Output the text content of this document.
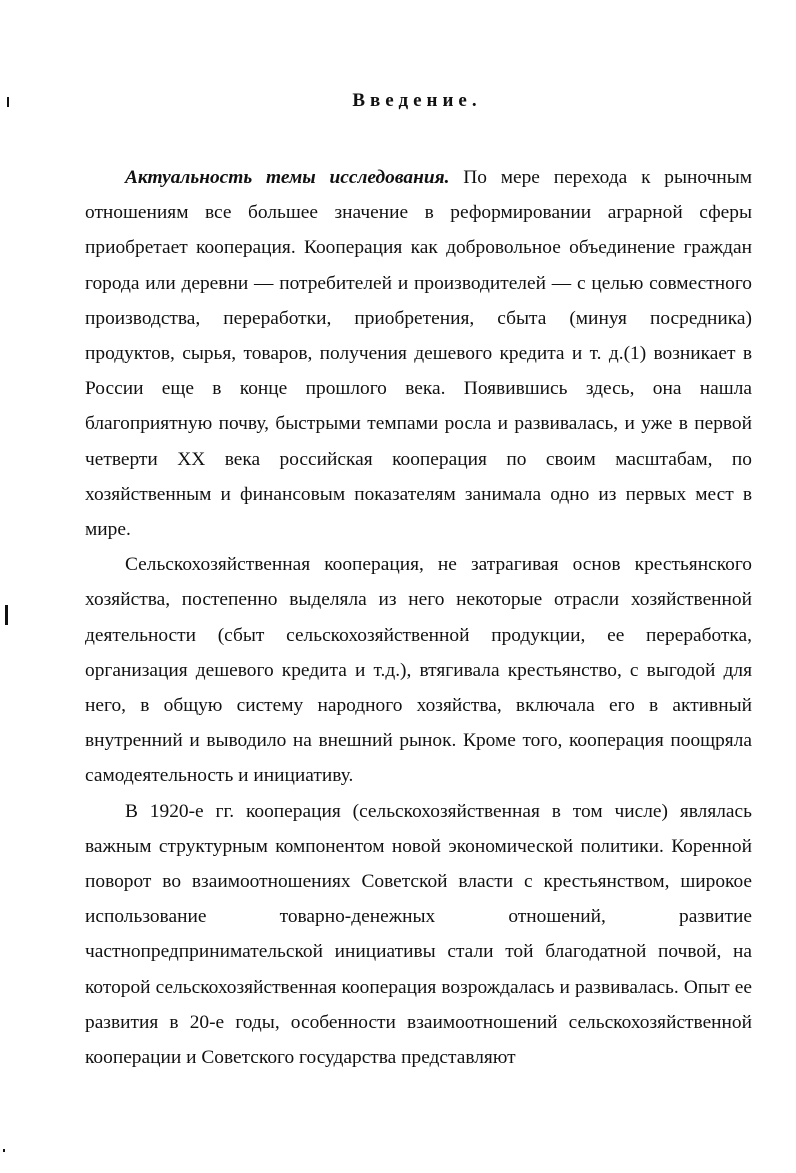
Введение.

Актуальность темы исследования. По мере перехода к рыночным отношениям все большее значение в реформировании аграрной сферы приобретает кооперация. Кооперация как добровольное объединение граждан города или деревни — потребителей и производителей — с целью совместного производства, переработки, приобретения, сбыта (минуя посредника) продуктов, сырья, товаров, получения дешевого кредита и т. д.(1) возникает в России еще в конце прошлого века. Появившись здесь, она нашла благоприятную почву, быстрыми темпами росла и развивалась, и уже в первой четверти XX века российская кооперация по своим масштабам, по хозяйственным и финансовым показателям занимала одно из первых мест в мире.

Сельскохозяйственная кооперация, не затрагивая основ крестьянского хозяйства, постепенно выделяла из него некоторые отрасли хозяйственной деятельности (сбыт сельскохозяйственной продукции, ее переработка, организация дешевого кредита и т.д.), втягивала крестьянство, с выгодой для него, в общую систему народного хозяйства, включала его в активный внутренний и выводило на внешний рынок. Кроме того, кооперация поощряла самодеятельность и инициативу.

В 1920-е гг. кооперация (сельскохозяйственная в том числе) являлась важным структурным компонентом новой экономической политики. Коренной поворот во взаимоотношениях Советской власти с крестьянством, широкое использование товарно-денежных отношений, развитие частнопредпринимательской инициативы стали той благодатной почвой, на которой сельскохозяйственная кооперация возрождалась и развивалась. Опыт ее развития в 20-е годы, особенности взаимоотношений сельскохозяйственной кооперации и Советского государства представляют
